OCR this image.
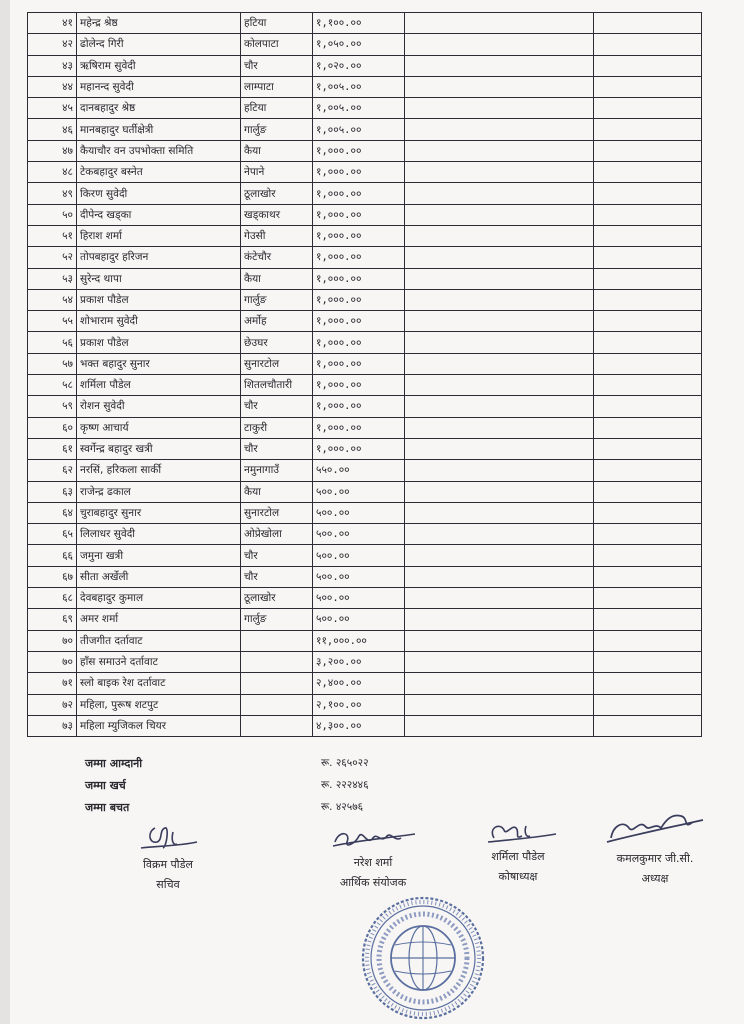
४१	महेन्द्र श्रेष्ठ	हटिया	१,१००.००		
४२	ढोलेन्द गिरी	कोलपाटा	१,०५०.००		
४३	ऋषिराम सुवेदी	चौर	१,०२०.००		
४४	महानन्द सुवेदी	लाम्पाटा	१,००५.००		
४५	दानबहादुर श्रेष्ठ	हटिया	१,००५.००		
४६	मानबहादुर घर्तीक्षेत्री	गार्लुङ	१,००५.००		
४७	कैयाचौर वन उपभोक्ता समिति	कैया	१,०००.००		
४८	टेकबहादुर बस्नेत	नेपाने	१,०००.००		
४९	किरण सुवेदी	ठूलाखोर	१,०००.००		
५०	दीपेन्द खड्का	खड्काथर	१,०००.००		
५१	हिराश शर्मा	गेउसी	१,०००.००		
५२	तोपबहादुर हरिजन	कंटेचौर	१,०००.००		
५३	सुरेन्द थापा	कैया	१,०००.००		
५४	प्रकाश पौडेल	गार्लुङ	१,०००.००		
५५	शोभाराम सुवेदी	अर्मोह	१,०००.००		
५६	प्रकाश पौडेल	छेउघर	१,०००.००		
५७	भक्त बहादुर सुनार	सुनारटोल	१,०००.००		
५८	शर्मिला पौडेल	शितलचौतारी	१,०००.००		
५९	रोशन सुवेदी	चौर	१,०००.००		
६०	कृष्ण आचार्य	टाकुरी	१,०००.००		
६१	स्वर्गेन्द्र बहादुर खत्री	चौर	१,०००.००		
६२	नरसिं, हरिकला सार्की	नमुनागाउँ	५५०.००		
६३	राजेन्द्र ढकाल	कैया	५००.००		
६४	चुराबहादुर सुनार	सुनारटोल	५००.००		
६५	लिलाधर सुवेदी	ओप्रेखोला	५००.००		
६६	जमुना खत्री	चौर	५००.००		
६७	सीता अर्खेली	चौर	५००.००		
६८	देवबहादुर कुमाल	ठूलाखोर	५००.००		
६९	अमर शर्मा	गार्लुङ	५००.००		
७०	तीजगीत दर्तावाट		११,०००.००		
७०	हाँस समाउने दर्तावाट		३,२००.००		
७१	स्लो बाइक रेश दर्तावाट		२,४००.००		
७२	महिला, पुरूष शटपुट		२,१००.००		
७३	महिला म्युजिकल चियर		४,३००.००		
जम्मा आम्दानी	रू. २६५०२२
जम्मा खर्च	रू. २२२४४६
जम्मा बचत	रू. ४२५७६
विक्रम पौडेल
सचिव
नरेश शर्मा
आर्थिक संयोजक
शर्मिला पौडेल
कोषाध्यक्ष
कमलकुमार जी.सी.
अध्यक्ष
